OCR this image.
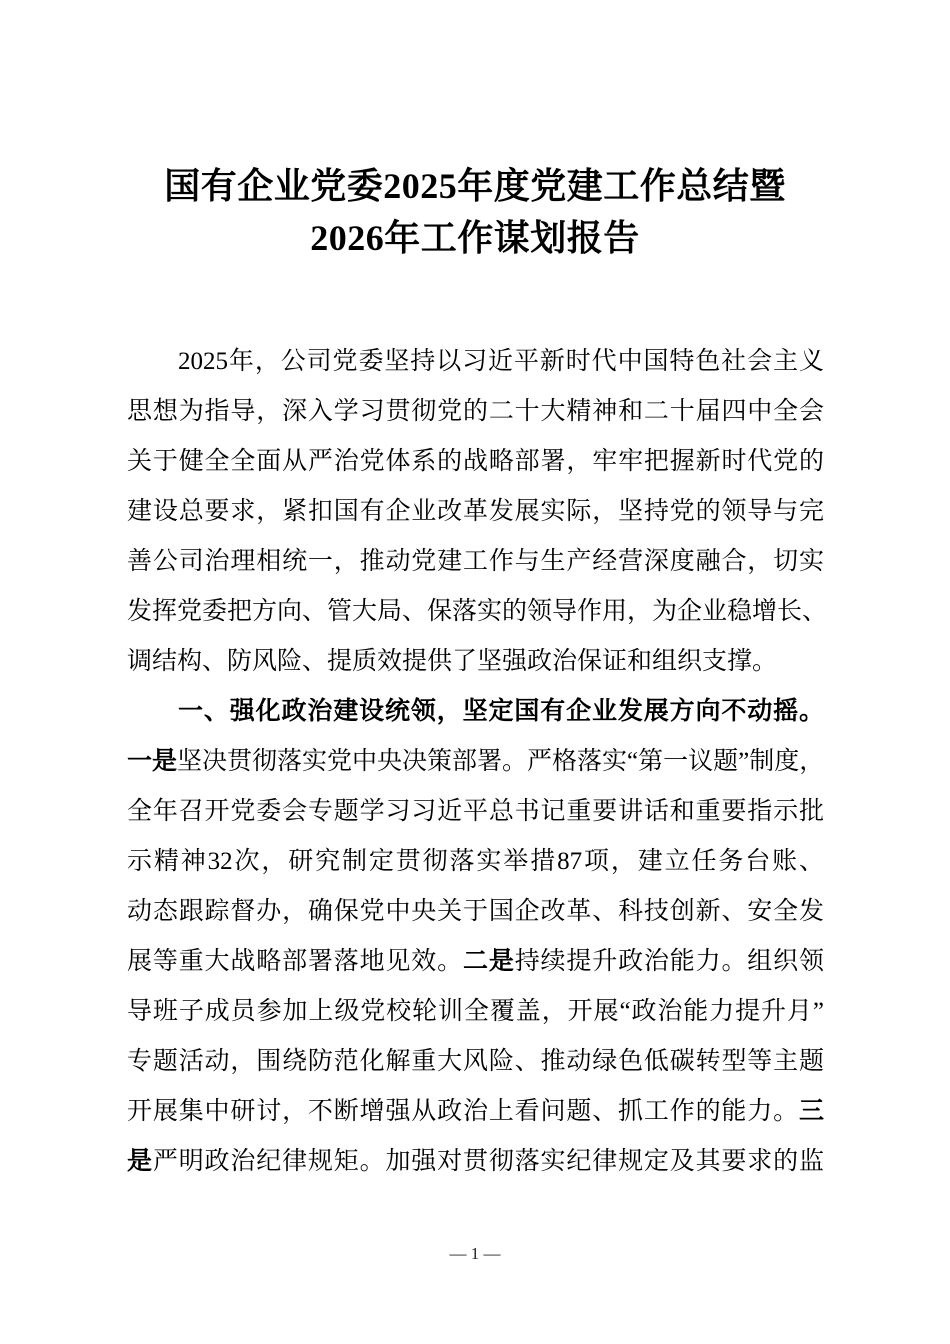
国有企业党委2025年度党建工作总结暨
2026年工作谋划报告
2025年，公司党委坚持以习近平新时代中国特色社会主义
思想为指导，深入学习贯彻党的二十大精神和二十届四中全会
关于健全全面从严治党体系的战略部署，牢牢把握新时代党的
建设总要求，紧扣国有企业改革发展实际，坚持党的领导与完
善公司治理相统一，推动党建工作与生产经营深度融合，切实
发挥党委把方向、管大局、保落实的领导作用，为企业稳增长、
调结构、防风险、提质效提供了坚强政治保证和组织支撑。
一、强化政治建设统领，坚定国有企业发展方向不动摇。
一是坚决贯彻落实党中央决策部署。严格落实“第一议题”制度，
全年召开党委会专题学习习近平总书记重要讲话和重要指示批
示精神32次，研究制定贯彻落实举措87项，建立任务台账、
动态跟踪督办，确保党中央关于国企改革、科技创新、安全发
展等重大战略部署落地见效。二是持续提升政治能力。组织领
导班子成员参加上级党校轮训全覆盖，开展“政治能力提升月”
专题活动，围绕防范化解重大风险、推动绿色低碳转型等主题
开展集中研讨，不断增强从政治上看问题、抓工作的能力。三
是严明政治纪律规矩。加强对贯彻落实纪律规定及其要求的监
— 1 —
